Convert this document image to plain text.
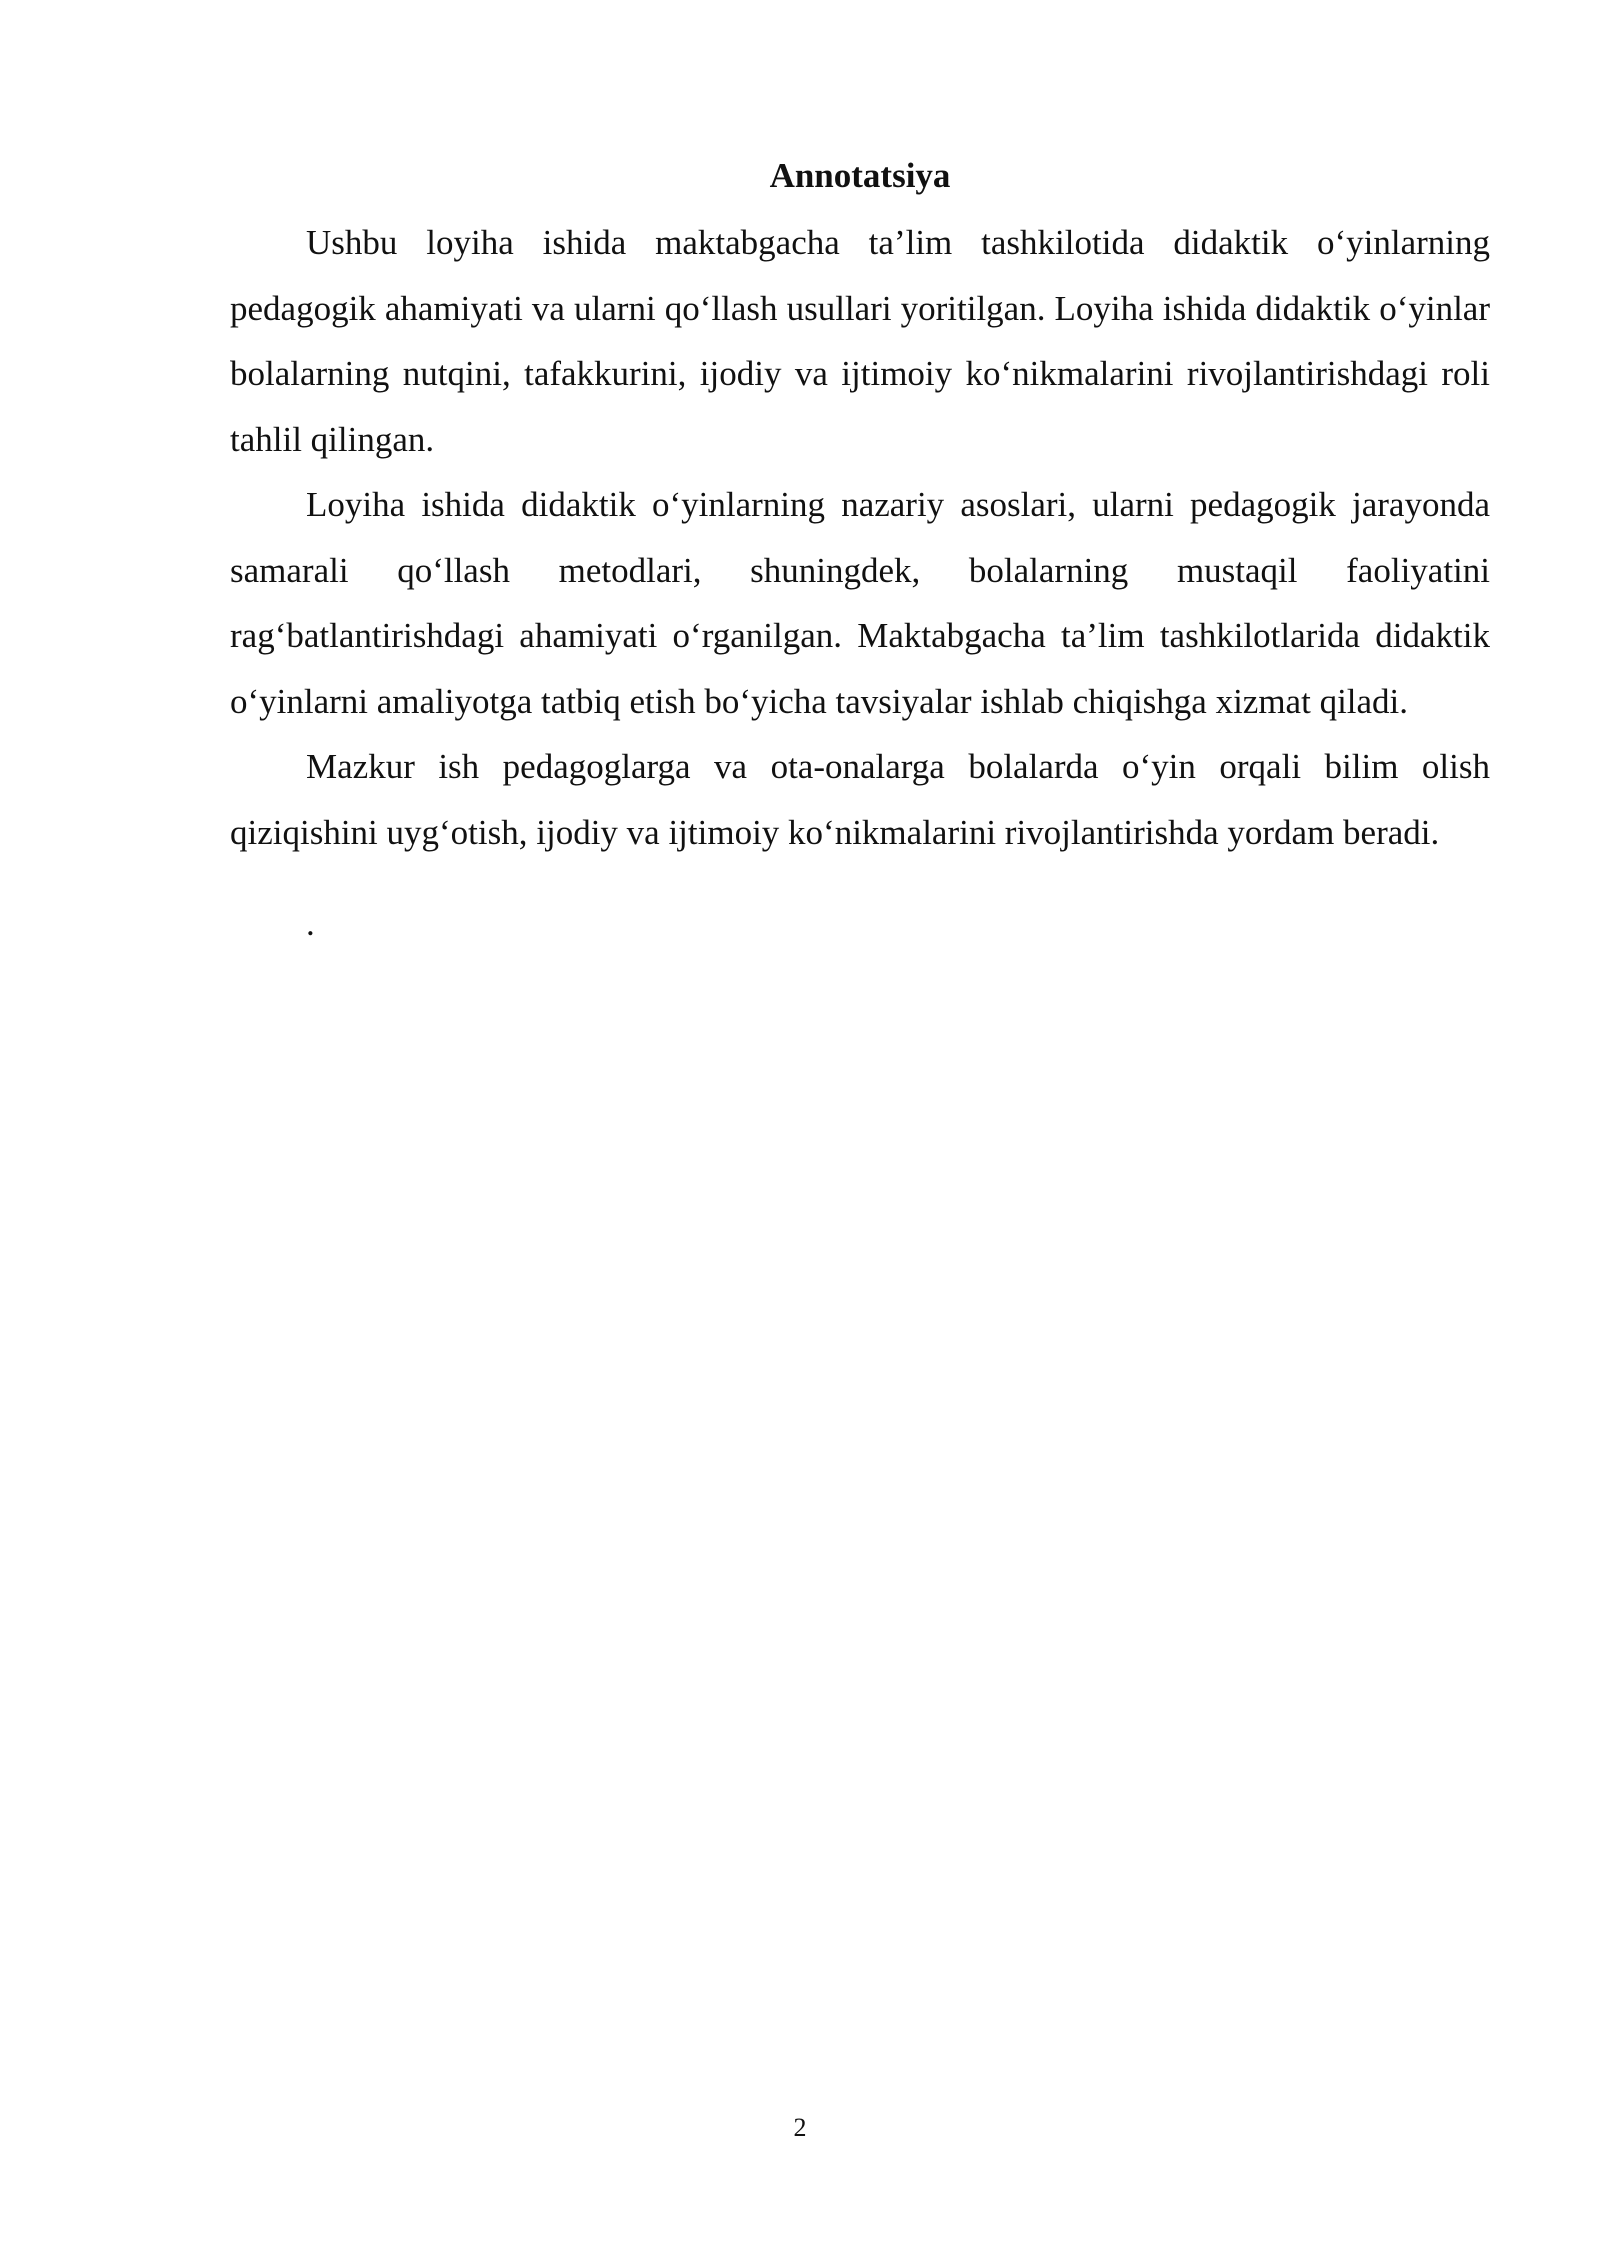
Annotatsiya

Ushbu loyiha ishida maktabgacha ta’lim tashkilotida didaktik o‘yinlarning pedagogik ahamiyati va ularni qo‘llash usullari yoritilgan. Loyiha ishida didaktik o‘yinlar bolalarning nutqini, tafakkurini, ijodiy va ijtimoiy ko‘nikmalarini rivojlantirishdagi roli tahlil qilingan.

Loyiha ishida didaktik o‘yinlarning nazariy asoslari, ularni pedagogik jarayonda samarali qo‘llash metodlari, shuningdek, bolalarning mustaqil faoliyatini rag‘batlantirishdagi ahamiyati o‘rganilgan. Maktabgacha ta’lim tashkilotlarida didaktik o‘yinlarni amaliyotga tatbiq etish bo‘yicha tavsiyalar ishlab chiqishga xizmat qiladi.

Mazkur ish pedagoglarga va ota-onalarga bolalarda o‘yin orqali bilim olish qiziqishini uyg‘otish, ijodiy va ijtimoiy ko‘nikmalarini rivojlantirishda yordam beradi.

.
2
